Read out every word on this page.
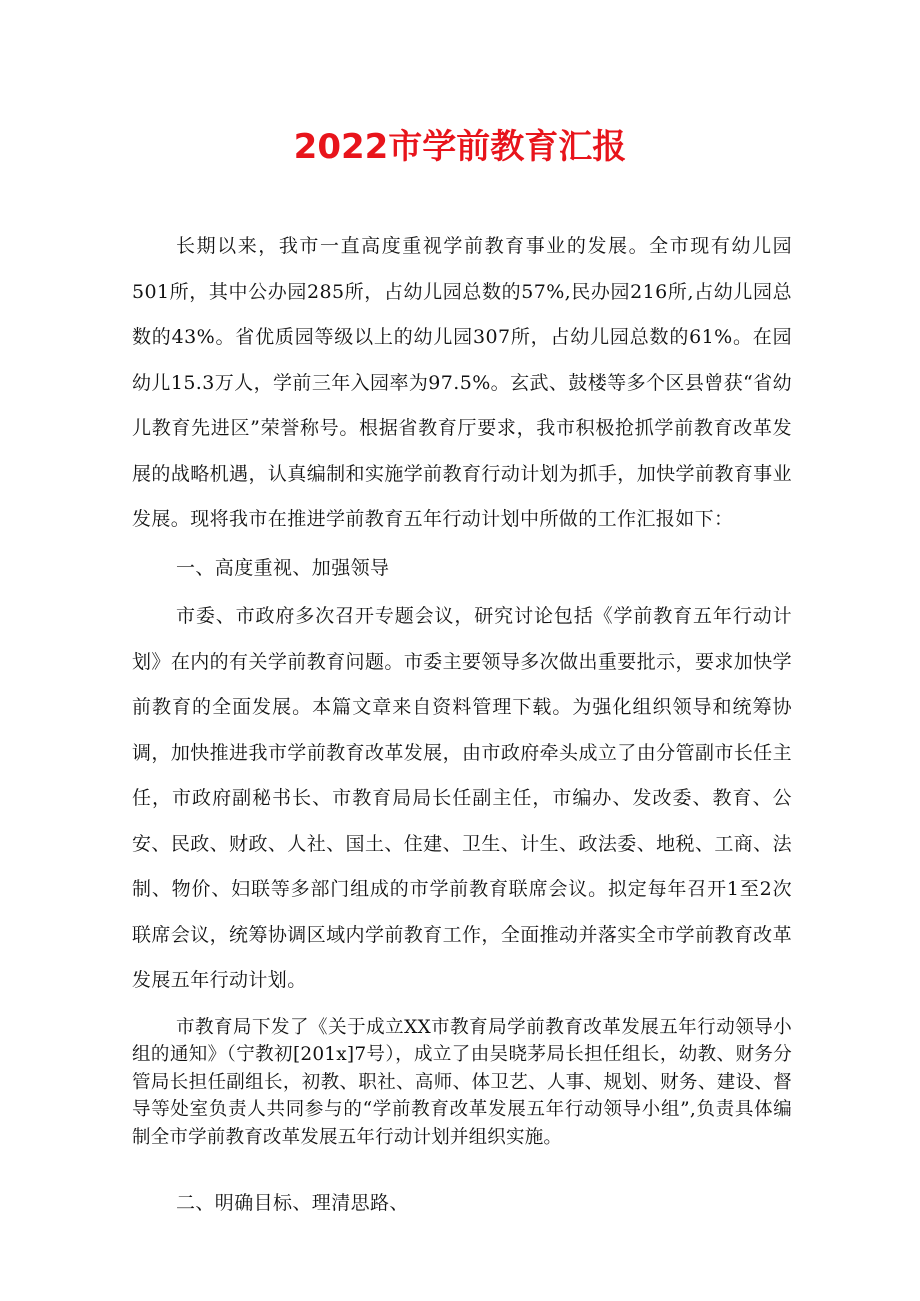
2022市学前教育汇报

长期以来，我市一直高度重视学前教育事业的发展。全市现有幼儿园501所，其中公办园285所，占幼儿园总数的57%,民办园216所,占幼儿园总数的43%。省优质园等级以上的幼儿园307所，占幼儿园总数的61%。在园幼儿15.3万人，学前三年入园率为97.5%。玄武、鼓楼等多个区县曾获“省幼儿教育先进区”荣誉称号。根据省教育厅要求，我市积极抢抓学前教育改革发展的战略机遇，认真编制和实施学前教育行动计划为抓手，加快学前教育事业发展。现将我市在推进学前教育五年行动计划中所做的工作汇报如下：

一、高度重视、加强领导

市委、市政府多次召开专题会议，研究讨论包括《学前教育五年行动计划》在内的有关学前教育问题。市委主要领导多次做出重要批示，要求加快学前教育的全面发展。本篇文章来自资料管理下载。为强化组织领导和统筹协调，加快推进我市学前教育改革发展，由市政府牵头成立了由分管副市长任主任，市政府副秘书长、市教育局局长任副主任，市编办、发改委、教育、公安、民政、财政、人社、国土、住建、卫生、计生、政法委、地税、工商、法制、物价、妇联等多部门组成的市学前教育联席会议。拟定每年召开1至2次联席会议，统筹协调区域内学前教育工作，全面推动并落实全市学前教育改革发展五年行动计划。

市教育局下发了《关于成立XX市教育局学前教育改革发展五年行动领导小组的通知》（宁教初[201x]7号），成立了由吴晓茅局长担任组长，幼教、财务分管局长担任副组长，初教、职社、高师、体卫艺、人事、规划、财务、建设、督导等处室负责人共同参与的“学前教育改革发展五年行动领导小组”,负责具体编制全市学前教育改革发展五年行动计划并组织实施。

二、明确目标、理清思路、
